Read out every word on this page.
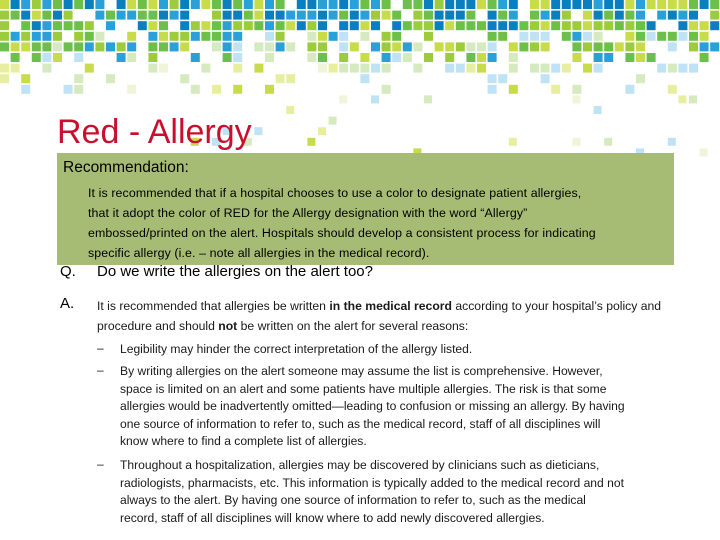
Red - Allergy
Recommendation:
It is recommended that if a hospital chooses to use a color to designate patient allergies,
that it adopt the color of RED for the Allergy designation with the word “Allergy”
embossed/printed on the alert. Hospitals should develop a consistent process for indicating
specific allergy (i.e. – note all allergies in the medical record).
Q. Do we write the allergies on the alert too?
A. It is recommended that allergies be written in the medical record according to your hospital’s policy and procedure and should not be written on the alert for several reasons:
– Legibility may hinder the correct interpretation of the allergy listed.
– By writing allergies on the alert someone may assume the list is comprehensive. However,
space is limited on an alert and some patients have multiple allergies. The risk is that some
allergies would be inadvertently omitted—leading to confusion or missing an allergy. By having
one source of information to refer to, such as the medical record, staff of all disciplines will
know where to find a complete list of allergies.
– Throughout a hospitalization, allergies may be discovered by clinicians such as dieticians,
radiologists, pharmacists, etc. This information is typically added to the medical record and not
always to the alert. By having one source of information to refer to, such as the medical
record, staff of all disciplines will know where to add newly discovered allergies.
